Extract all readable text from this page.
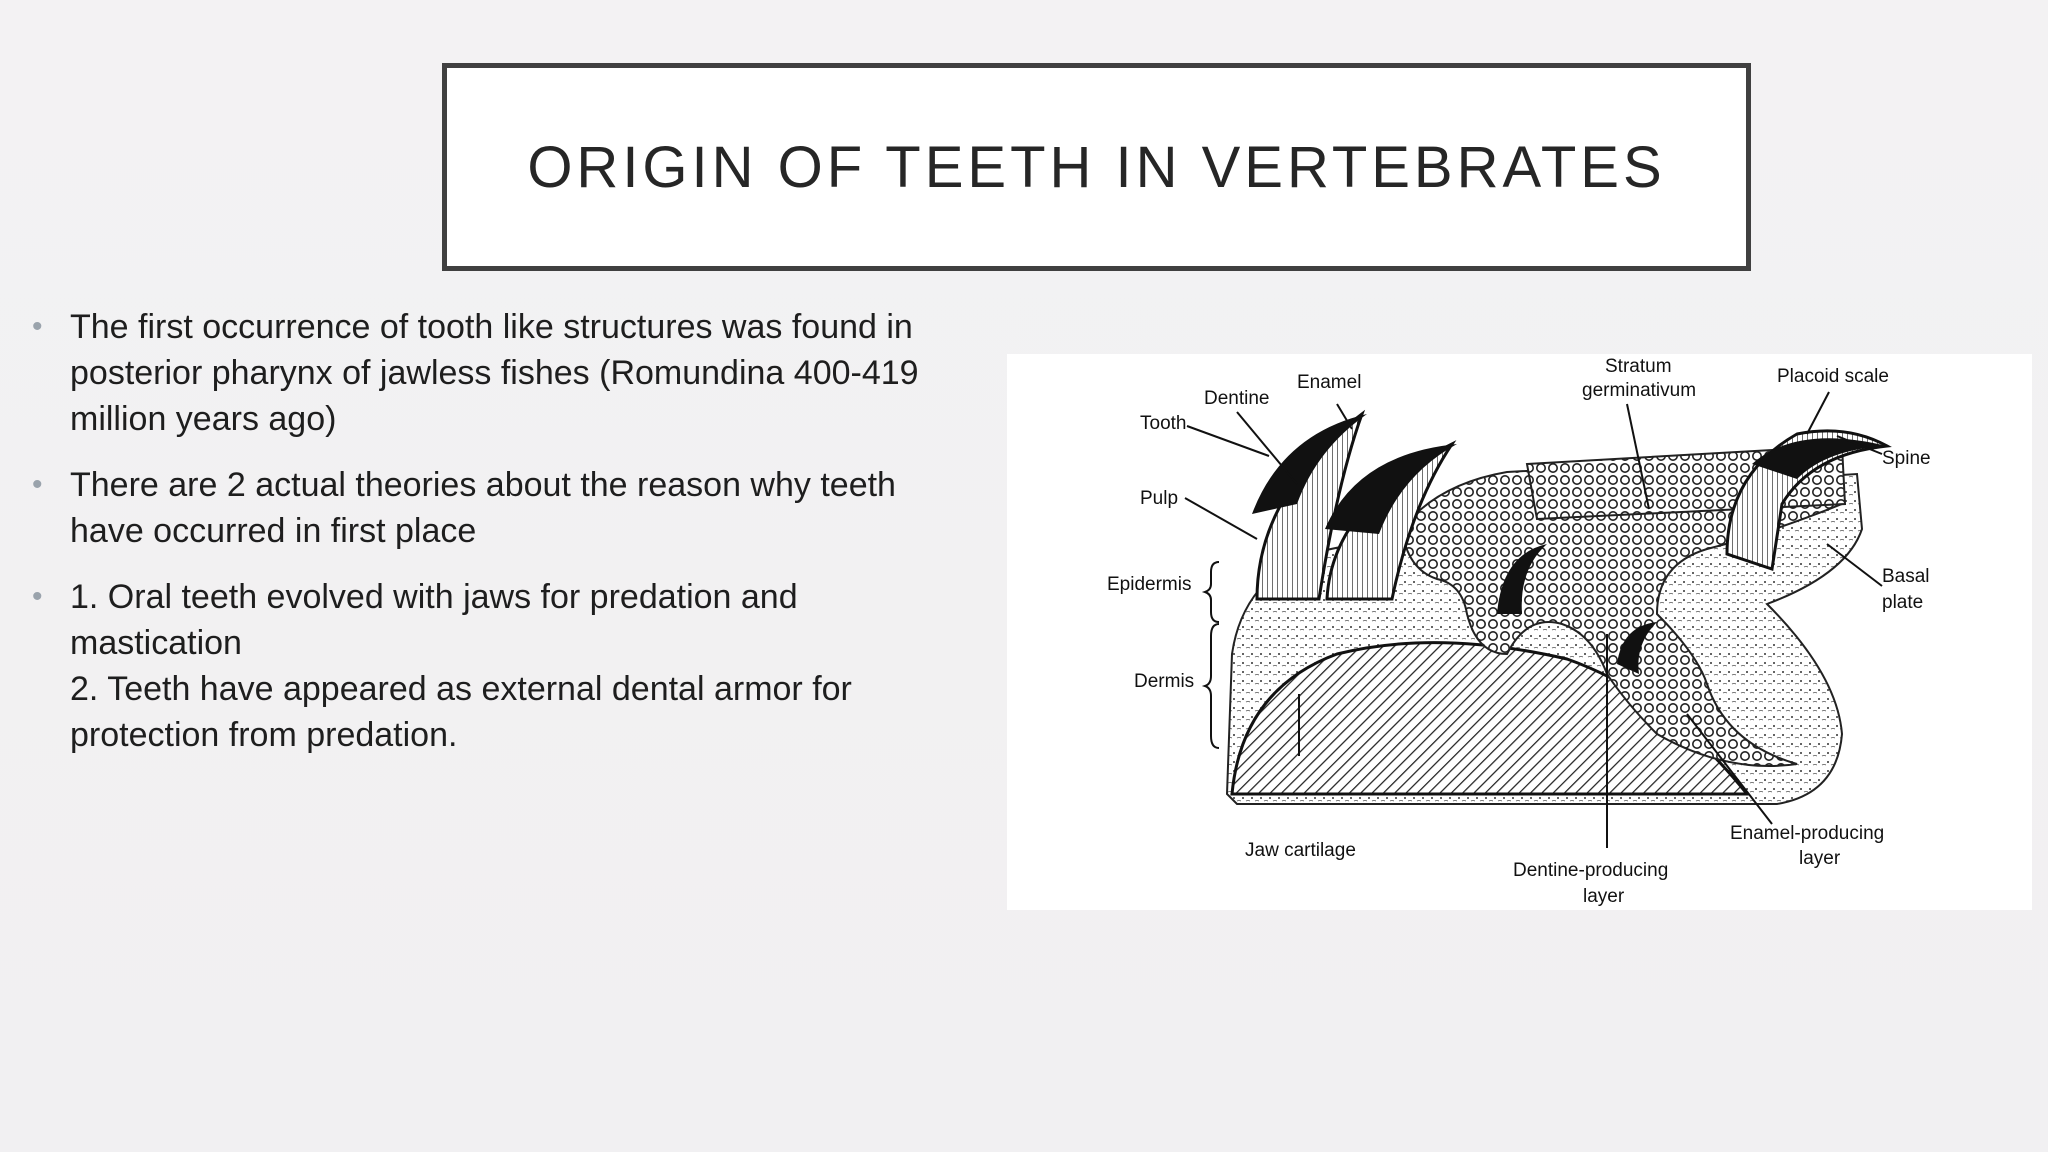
ORIGIN OF TEETH IN VERTEBRATES
• The first occurrence of tooth like structures was found in
posterior pharynx of jawless fishes (Romundina 400-419
million years ago)
• There are 2 actual theories about the reason why teeth
have occurred in first place
• 1. Oral teeth evolved with jaws for predation and
mastication
2. Teeth have appeared as external dental armor for
protection from predation.
Dentine
Enamel
Stratum
germinativum
Placoid scale
Tooth
Spine
Pulp
Basal
plate
Epidermis
Dermis
Jaw cartilage
Enamel-producing
layer
Dentine-producing
layer
